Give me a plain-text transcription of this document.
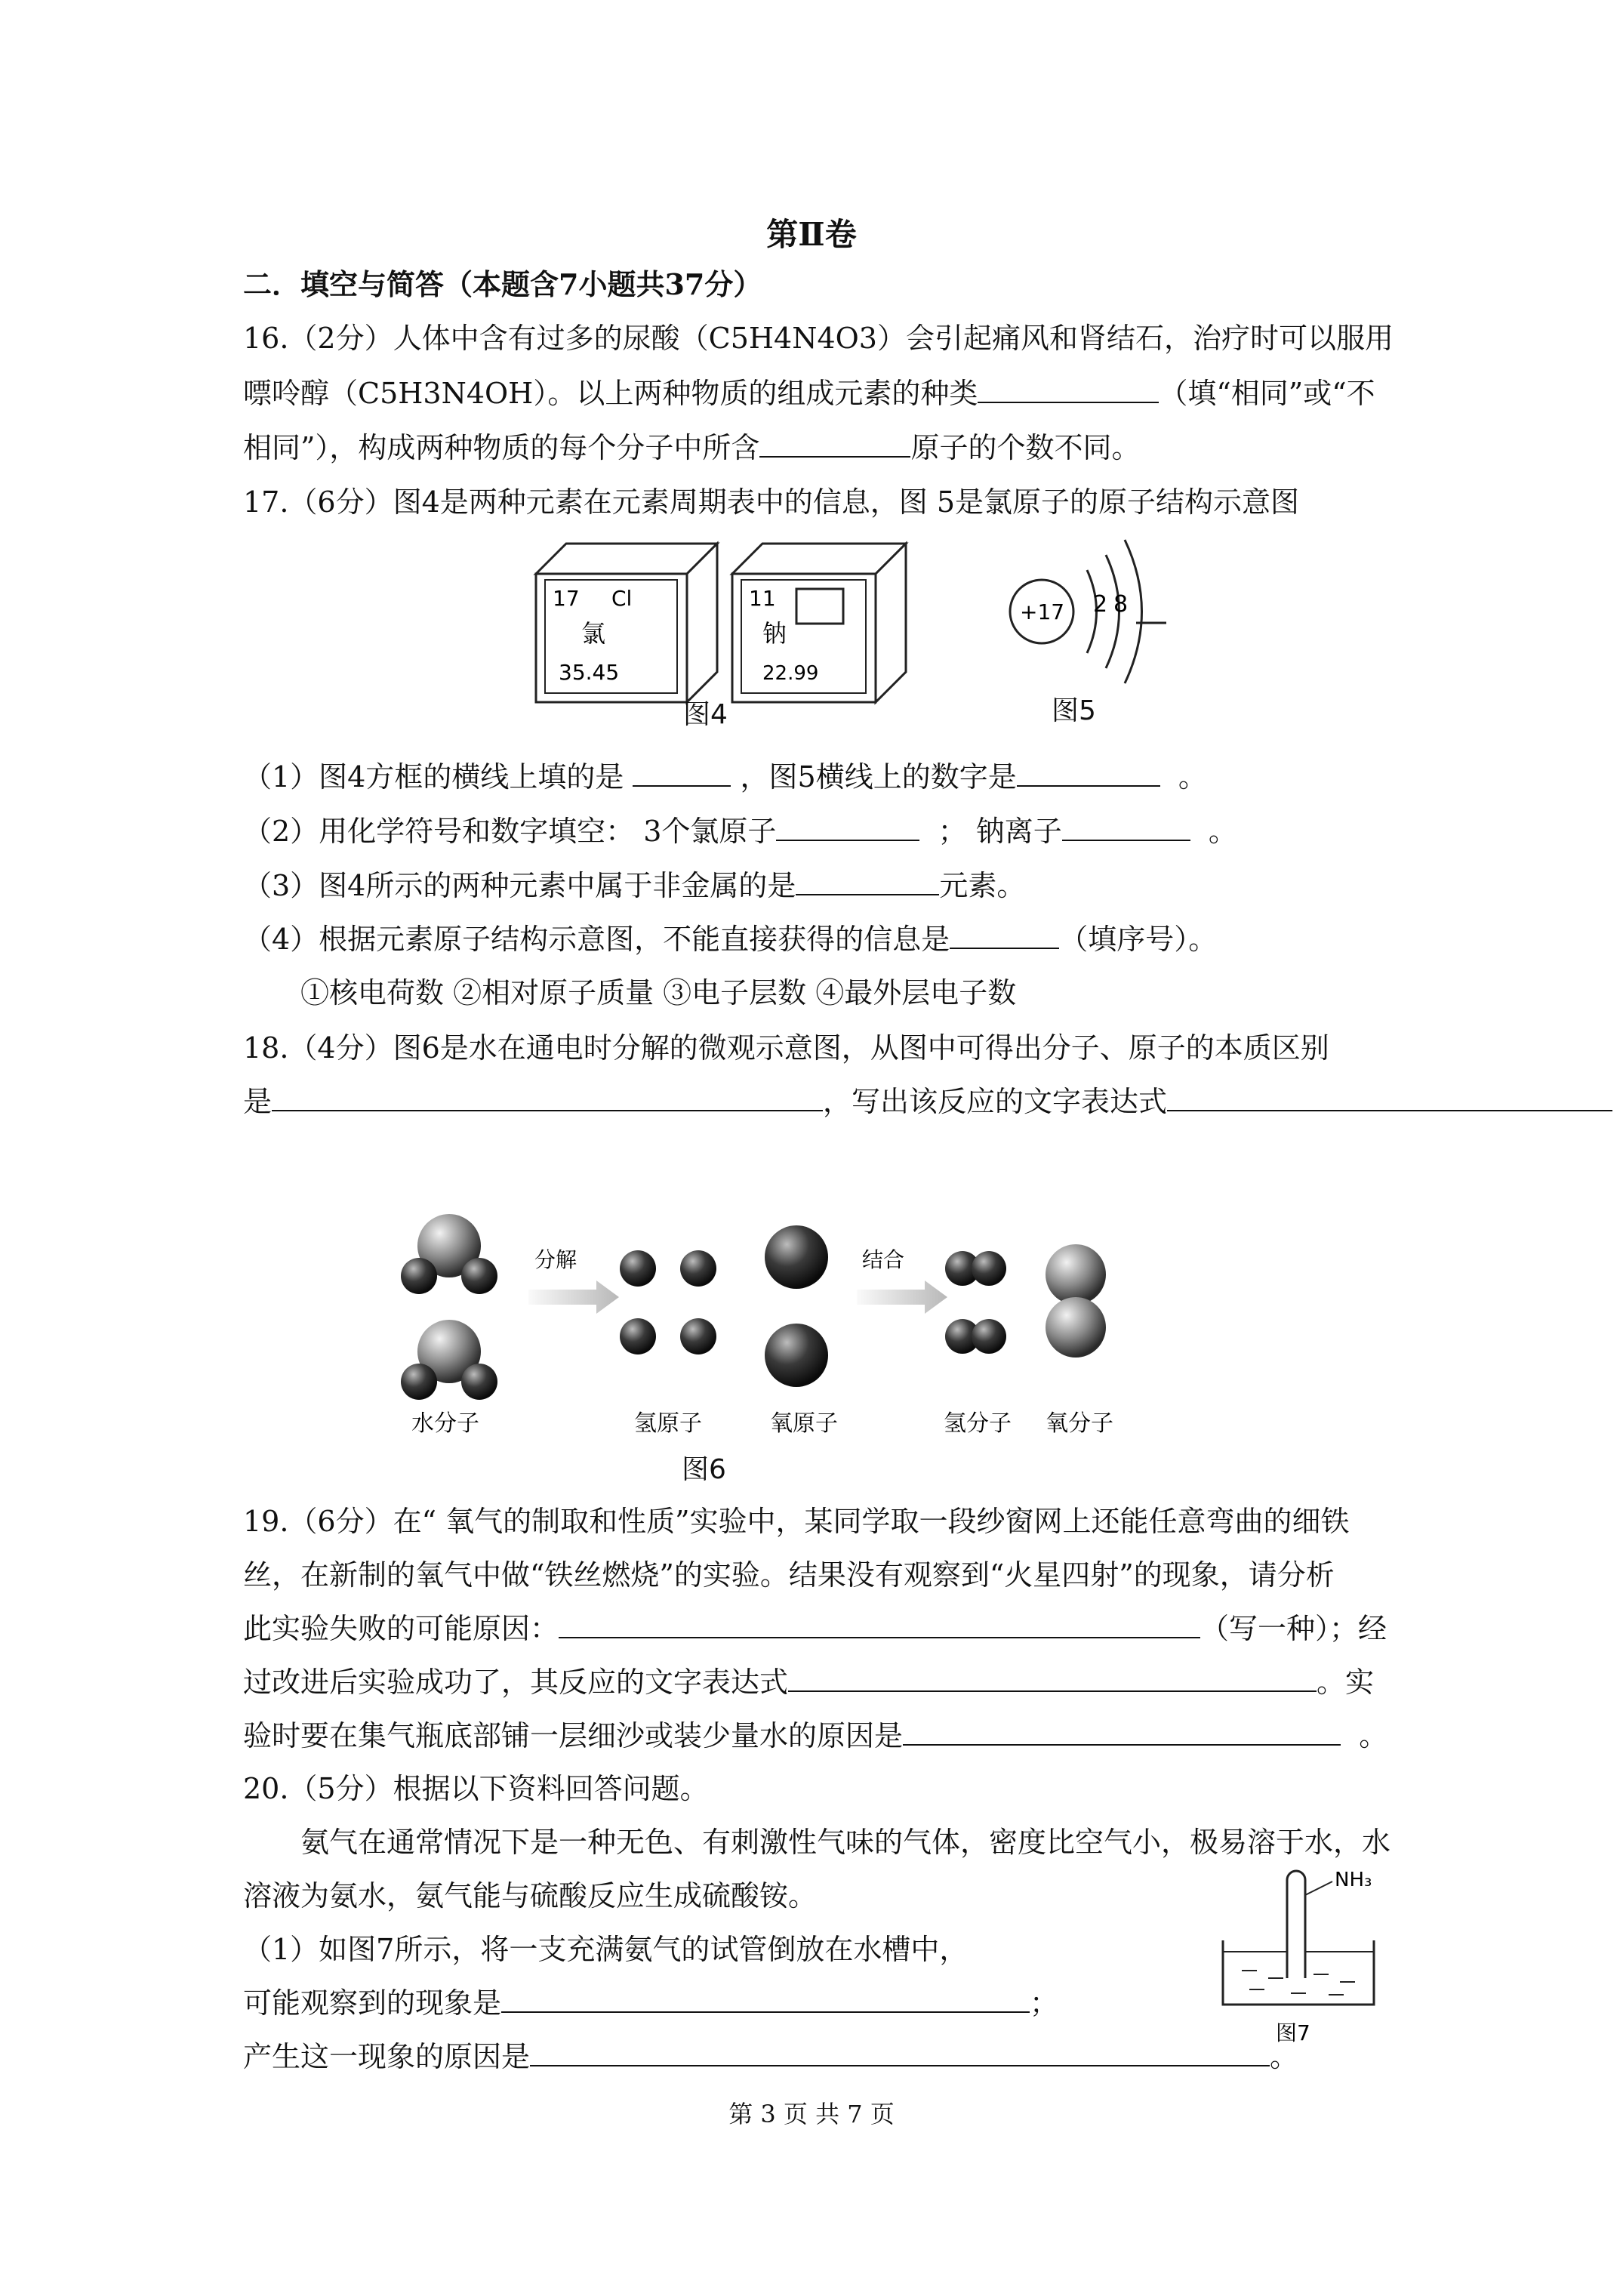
第Ⅱ卷
二．填空与简答（本题含7小题共37分）
16.（2分）人体中含有过多的尿酸（C5H4N4O3）会引起痛风和肾结石，治疗时可以服用
嘌呤醇（C5H3N4OH）。以上两种物质的组成元素的种类	（填“相同”或“不
相同”），构成两种物质的每个分子中所含	原子的个数不同。
17.（6分）图4是两种元素在元素周期表中的信息，图 5是氯原子的原子结构示意图
17 Cl
氯
35.45
11
钠
22.99
+17 2 8
图4	图5
（1）图4方框的横线上填的是	，图5横线上的数字是	。
（2）用化学符号和数字填空： 3个氯原子	； 钠离子	。
（3）图4所示的两种元素中属于非金属的是	元素。
（4）根据元素原子结构示意图，不能直接获得的信息是	（填序号）。
①核电荷数 ②相对原子质量 ③电子层数 ④最外层电子数
18.（4分）图6是水在通电时分解的微观示意图，从图中可得出分子、原子的本质区别
是	，写出该反应的文字表达式
分解	结合
水分子	氢原子	氧原子	氢分子 氧分子
图6
19.（6分）在“ 氧气的制取和性质”实验中，某同学取一段纱窗网上还能任意弯曲的细铁
丝，在新制的氧气中做“铁丝燃烧”的实验。结果没有观察到“火星四射”的现象，请分析
此实验失败的可能原因：	（写一种）；经
过改进后实验成功了，其反应的文字表达式	。实
验时要在集气瓶底部铺一层细沙或装少量水的原因是	。
20.（5分）根据以下资料回答问题。
氨气在通常情况下是一种无色、有刺激性气味的气体，密度比空气小，极易溶于水，水
溶液为氨水，氨气能与硫酸反应生成硫酸铵。
（1）如图7所示，将一支充满氨气的试管倒放在水槽中，
可能观察到的现象是	；
产生这一现象的原因是	。
NH₃
图7
第 3 页 共 7 页
